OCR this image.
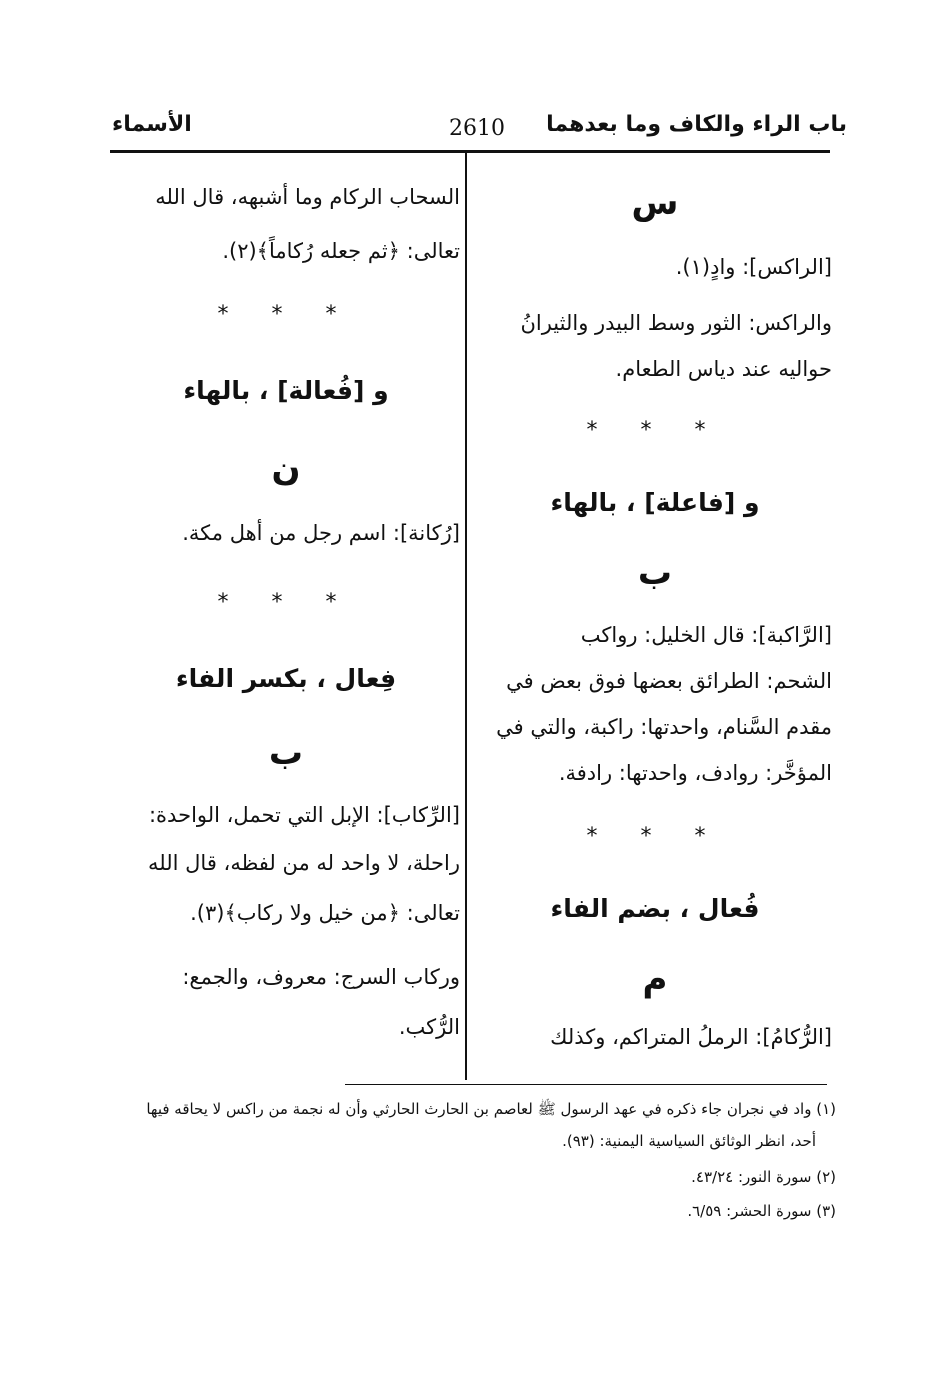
باب الراء والكاف وما بعدهما
2610
الأسماء
س
[الراكس]: وادٍ(١).
والراكس: الثور وسط البيدر والثيرانُ
حواليه عند دياس الطعام.
* * *
و [فاعلة] ، بالهاء
ب
[الرَّاكبة]: قال الخليل: رواكب
الشحم: الطرائق بعضها فوق بعض في
مقدم السَّنام، واحدتها: راكبة، والتي في
المؤخَّر: روادف، واحدتها: رادفة.
* * *
فُعال ، بضم الفاء
م
[الرُّكامُ]: الرملُ المتراكم، وكذلك
السحاب الركام وما أشبهه، قال الله
تعالى: ﴿ثم جعله رُكاماً﴾(٢).
* * *
و [فُعالة] ، بالهاء
ن
[رُكانة]: اسم رجل من أهل مكة.
* * *
فِعال ، بكسر الفاء
ب
[الرِّكاب]: الإبل التي تحمل، الواحدة:
راحلة، لا واحد له من لفظه، قال الله
تعالى: ﴿من خيل ولا ركاب﴾(٣).
وركاب السرج: معروف، والجمع:
الرُّكب.
(١) واد في نجران جاء ذكره في عهد الرسول ﷺ لعاصم بن الحارث الحارثي وأن له نجمة من راكس لا يحاقه فيها
أحد، انظر الوثائق السياسية اليمنية: (٩٣).
(٢) سورة النور: ٤٣/٢٤.
(٣) سورة الحشر: ٦/٥٩.
